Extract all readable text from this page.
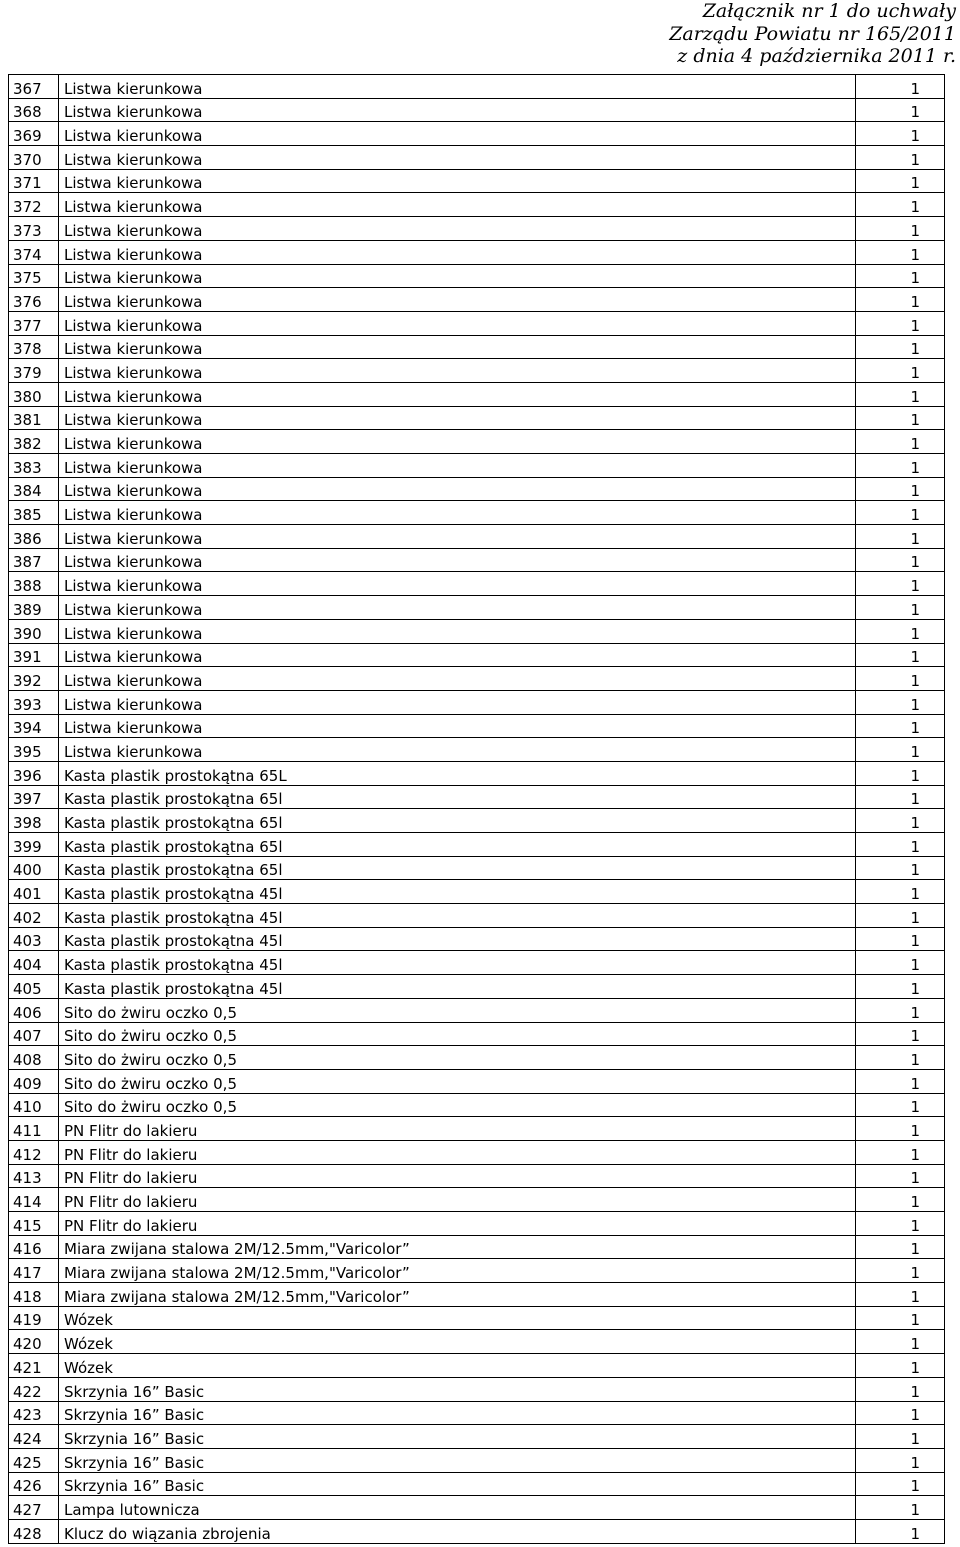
Załącznik nr 1 do uchwały
Zarządu Powiatu nr 165/2011
z dnia 4 października 2011 r.
367	Listwa kierunkowa	1
368	Listwa kierunkowa	1
369	Listwa kierunkowa	1
370	Listwa kierunkowa	1
371	Listwa kierunkowa	1
372	Listwa kierunkowa	1
373	Listwa kierunkowa	1
374	Listwa kierunkowa	1
375	Listwa kierunkowa	1
376	Listwa kierunkowa	1
377	Listwa kierunkowa	1
378	Listwa kierunkowa	1
379	Listwa kierunkowa	1
380	Listwa kierunkowa	1
381	Listwa kierunkowa	1
382	Listwa kierunkowa	1
383	Listwa kierunkowa	1
384	Listwa kierunkowa	1
385	Listwa kierunkowa	1
386	Listwa kierunkowa	1
387	Listwa kierunkowa	1
388	Listwa kierunkowa	1
389	Listwa kierunkowa	1
390	Listwa kierunkowa	1
391	Listwa kierunkowa	1
392	Listwa kierunkowa	1
393	Listwa kierunkowa	1
394	Listwa kierunkowa	1
395	Listwa kierunkowa	1
396	Kasta plastik prostokątna 65L	1
397	Kasta plastik prostokątna 65l	1
398	Kasta plastik prostokątna 65l	1
399	Kasta plastik prostokątna 65l	1
400	Kasta plastik prostokątna 65l	1
401	Kasta plastik prostokątna 45l	1
402	Kasta plastik prostokątna 45l	1
403	Kasta plastik prostokątna 45l	1
404	Kasta plastik prostokątna 45l	1
405	Kasta plastik prostokątna 45l	1
406	Sito do żwiru oczko 0,5	1
407	Sito do żwiru oczko 0,5	1
408	Sito do żwiru oczko 0,5	1
409	Sito do żwiru oczko 0,5	1
410	Sito do żwiru oczko 0,5	1
411	PN Flitr do lakieru	1
412	PN Flitr do lakieru	1
413	PN Flitr do lakieru	1
414	PN Flitr do lakieru	1
415	PN Flitr do lakieru	1
416	Miara zwijana stalowa 2M/12.5mm,"Varicolor”	1
417	Miara zwijana stalowa 2M/12.5mm,"Varicolor”	1
418	Miara zwijana stalowa 2M/12.5mm,"Varicolor”	1
419	Wózek	1
420	Wózek	1
421	Wózek	1
422	Skrzynia 16” Basic	1
423	Skrzynia 16” Basic	1
424	Skrzynia 16” Basic	1
425	Skrzynia 16” Basic	1
426	Skrzynia 16” Basic	1
427	Lampa lutownicza	1
428	Klucz do wiązania zbrojenia	1
